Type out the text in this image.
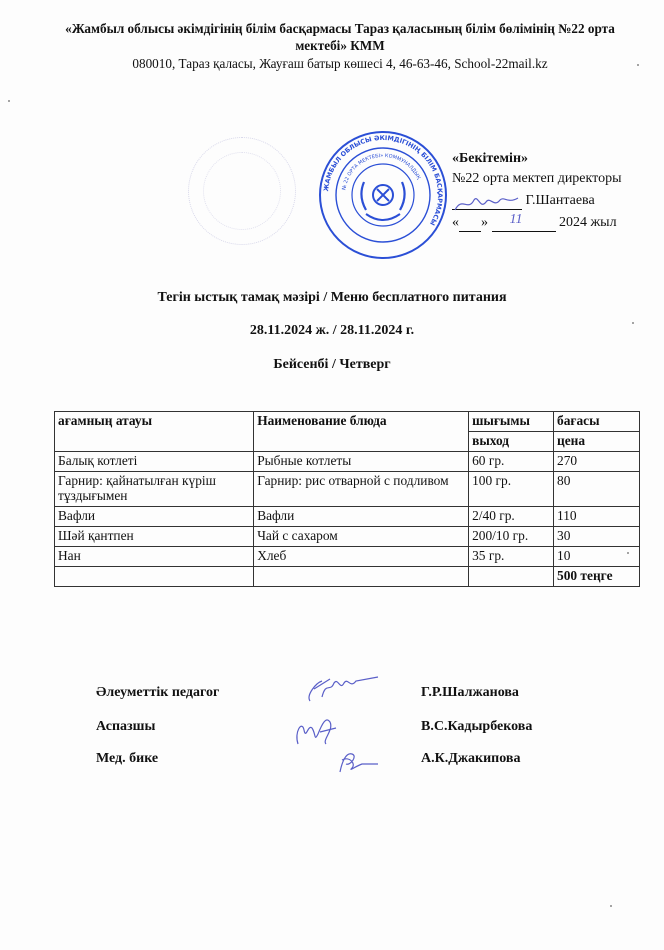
«Жамбыл облысы әкімдігінің білім басқармасы Тараз қаласының білім бөлімінің №22 орта мектебі» КММ
080010, Тараз қаласы, Жауғаш батыр көшесі 4, 46-63-46, School-22mail.kz
ЖАМБЫЛ ОБЛЫСЫ ӘКІМДІГІНІҢ БІЛІМ БАСҚАРМАСЫ
№ 22 ОРТА МЕКТЕБІ» КОММУНАЛДЫҚ
«Бекітемін»
№22 орта мектеп директоры
Г.Шантаева
« » 11	2024 жыл
Тегін ыстық тамақ мәзірі / Меню бесплатного питания
28.11.2024 ж. / 28.11.2024 г.
Бейсенбі / Четверг
ағамның атауы	Наименование блюда	шығымы	бағасы
		выход	цена
Балық котлеті	Рыбные котлеты	60 гр.	270
Гарнир: қайнатылған күріш тұздығымен	Гарнир: рис отварной с подливом	100 гр.	80
Вафли	Вафли	2/40 гр.	110
Шәй қантпен	Чай с сахаром	200/10 гр.	30
Нан	Хлеб	35 гр.	10
			500 теңге
Әлеуметтік педагог	Г.Р.Шалжанова
Аспазшы	В.С.Кадырбекова
Мед. бике	А.К.Джакипова
